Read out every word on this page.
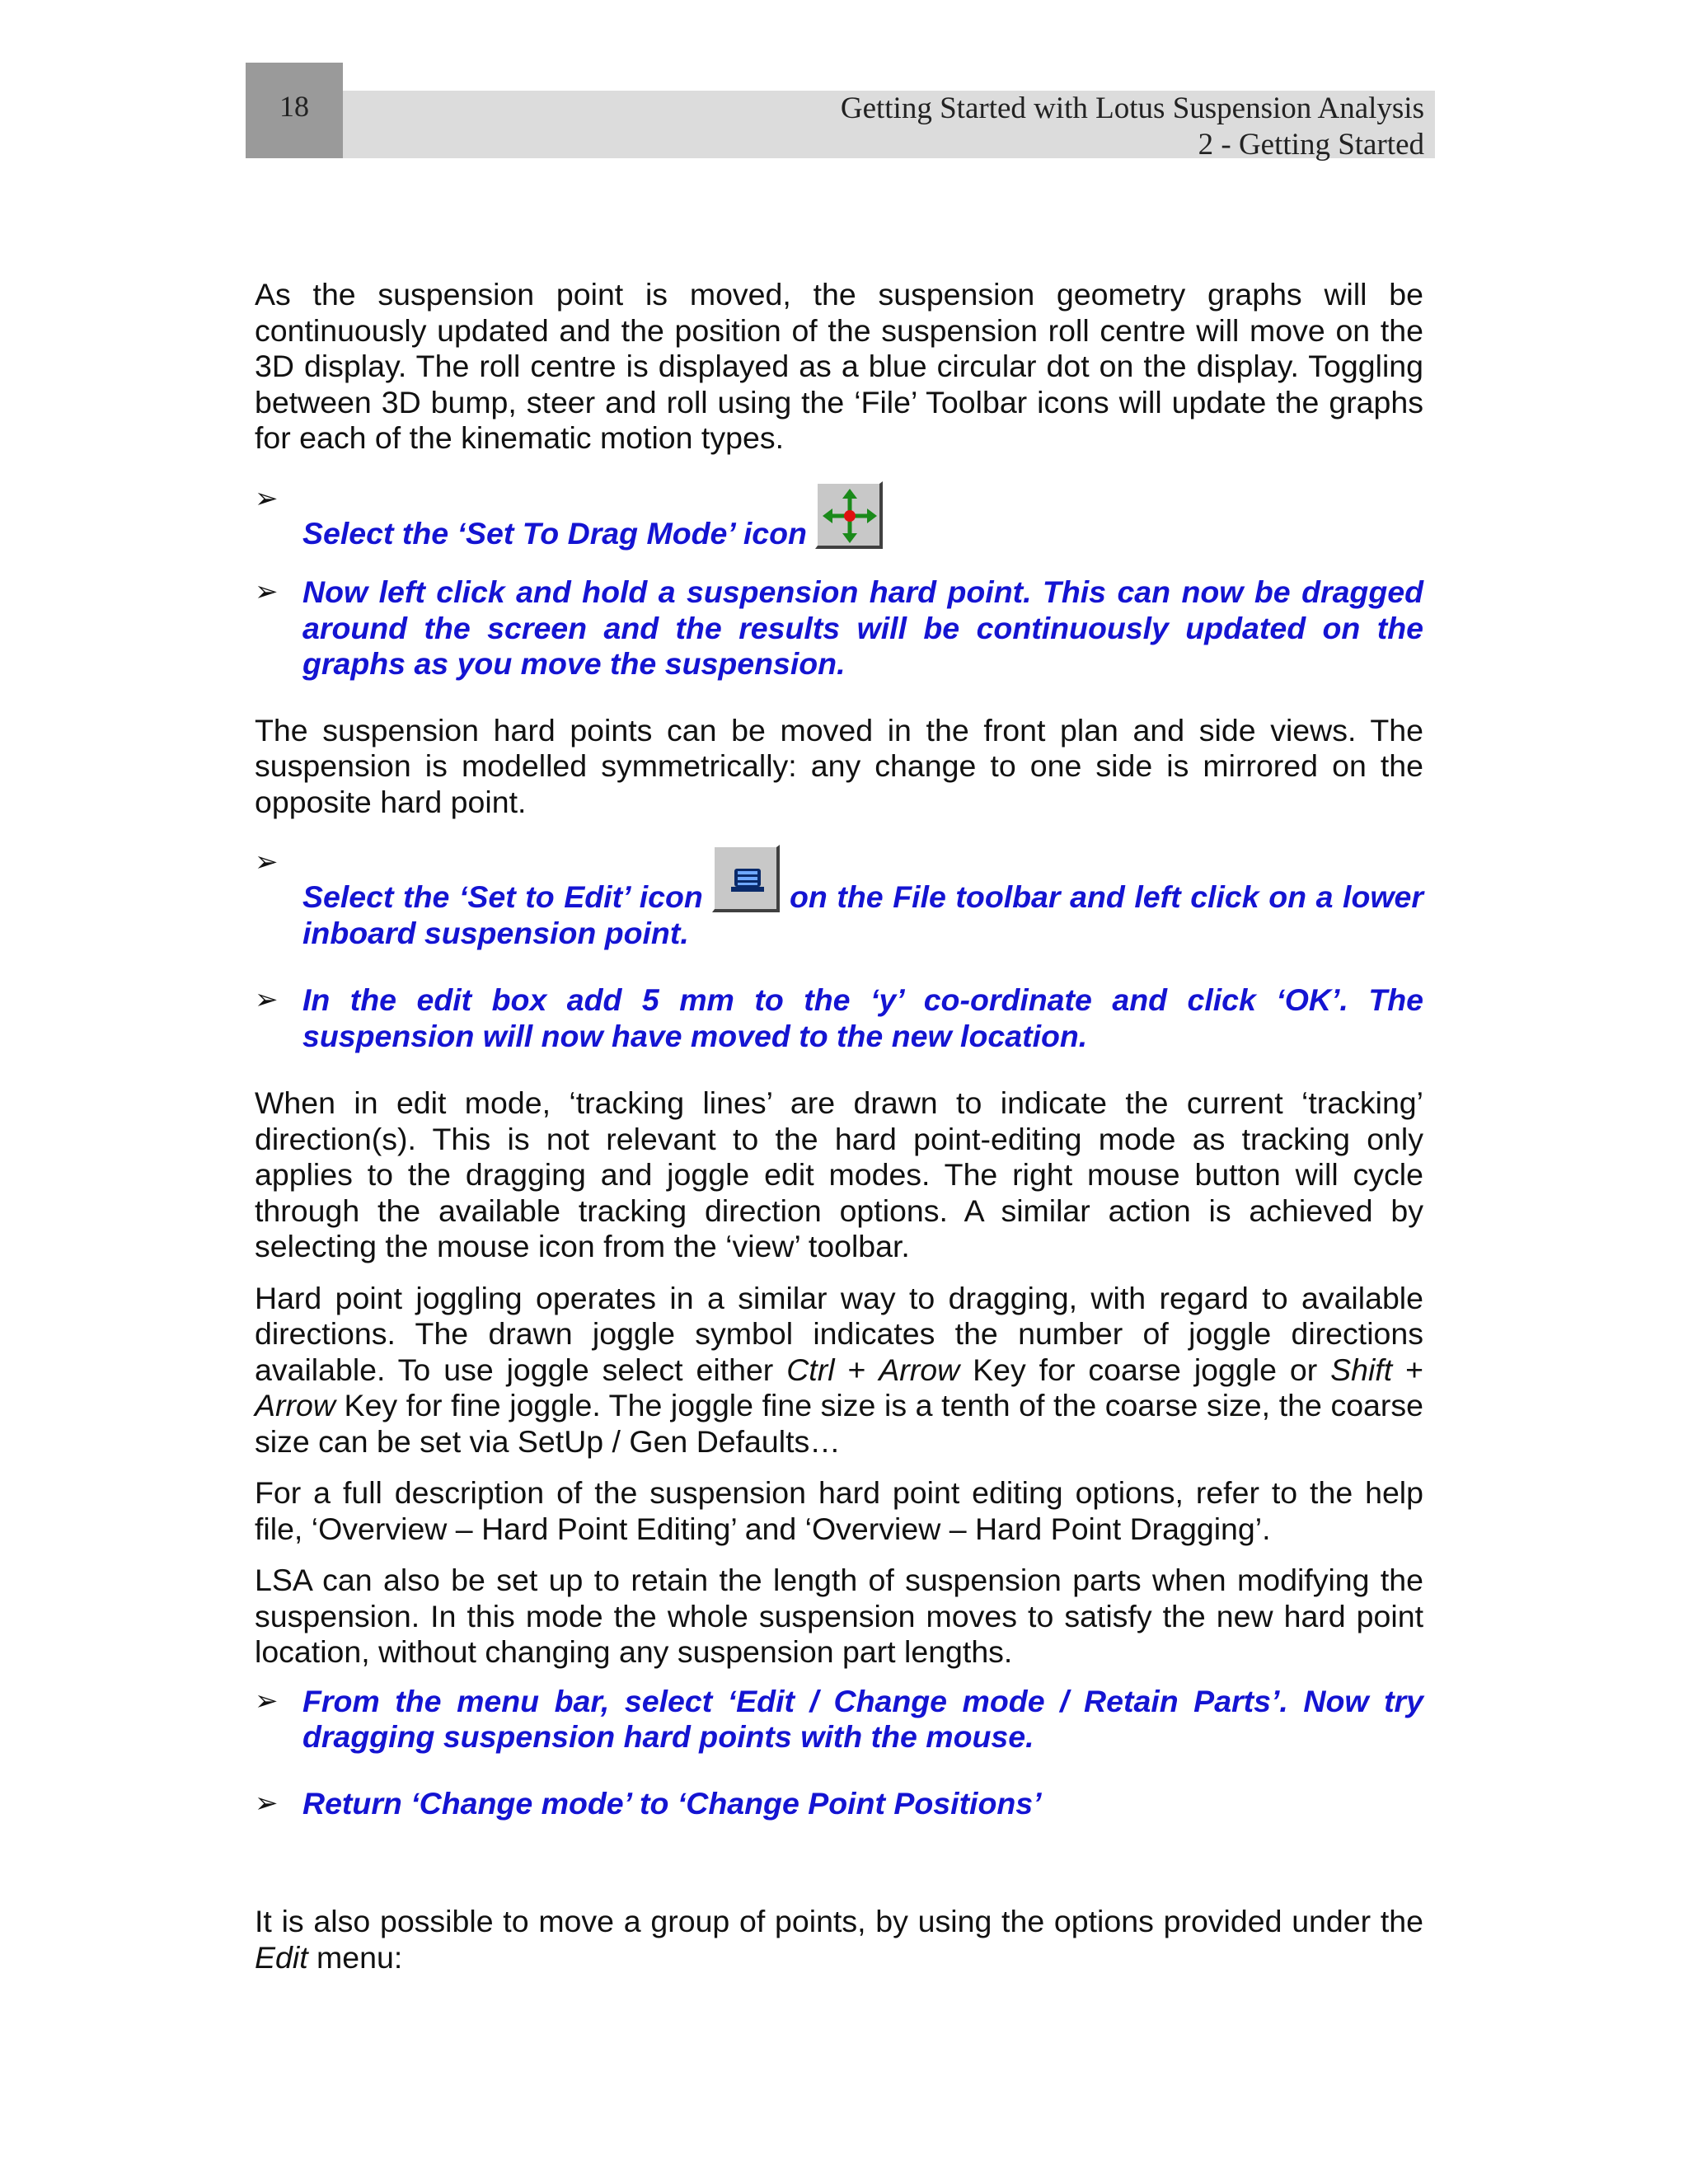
18	Getting Started with Lotus Suspension Analysis
2 - Getting Started

As the suspension point is moved, the suspension geometry graphs will be continuously updated and the position of the suspension roll centre will move on the 3D display. The roll centre is displayed as a blue circular dot on the display. Toggling between 3D bump, steer and roll using the ‘File’ Toolbar icons will update the graphs for each of the kinematic motion types.

➢
Select the ‘Set To Drag Mode’ icon

➢ Now left click and hold a suspension hard point. This can now be dragged around the screen and the results will be continuously updated on the graphs as you move the suspension.

The suspension hard points can be moved in the front plan and side views. The suspension is modelled symmetrically: any change to one side is mirrored on the opposite hard point.

➢
Select the ‘Set to Edit’ icon	on the File toolbar and left click on a lower inboard suspension point.

➢ In the edit box add 5 mm to the ‘y’ co-ordinate and click ‘OK’. The suspension will now have moved to the new location.

When in edit mode, ‘tracking lines’ are drawn to indicate the current ‘tracking’ direction(s). This is not relevant to the hard point-editing mode as tracking only applies to the dragging and joggle edit modes. The right mouse button will cycle through the available tracking direction options. A similar action is achieved by selecting the mouse icon from the ‘view’ toolbar.

Hard point joggling operates in a similar way to dragging, with regard to available directions. The drawn joggle symbol indicates the number of joggle directions available. To use joggle select either Ctrl + Arrow Key for coarse joggle or Shift + Arrow Key for fine joggle. The joggle fine size is a tenth of the coarse size, the coarse size can be set via SetUp / Gen Defaults…

For a full description of the suspension hard point editing options, refer to the help file, ‘Overview – Hard Point Editing’ and ‘Overview – Hard Point Dragging’.

LSA can also be set up to retain the length of suspension parts when modifying the suspension. In this mode the whole suspension moves to satisfy the new hard point location, without changing any suspension part lengths.

➢ From the menu bar, select ‘Edit / Change mode / Retain Parts’. Now try dragging suspension hard points with the mouse.

➢ Return ‘Change mode’ to ‘Change Point Positions’

It is also possible to move a group of points, by using the options provided under the Edit menu:
